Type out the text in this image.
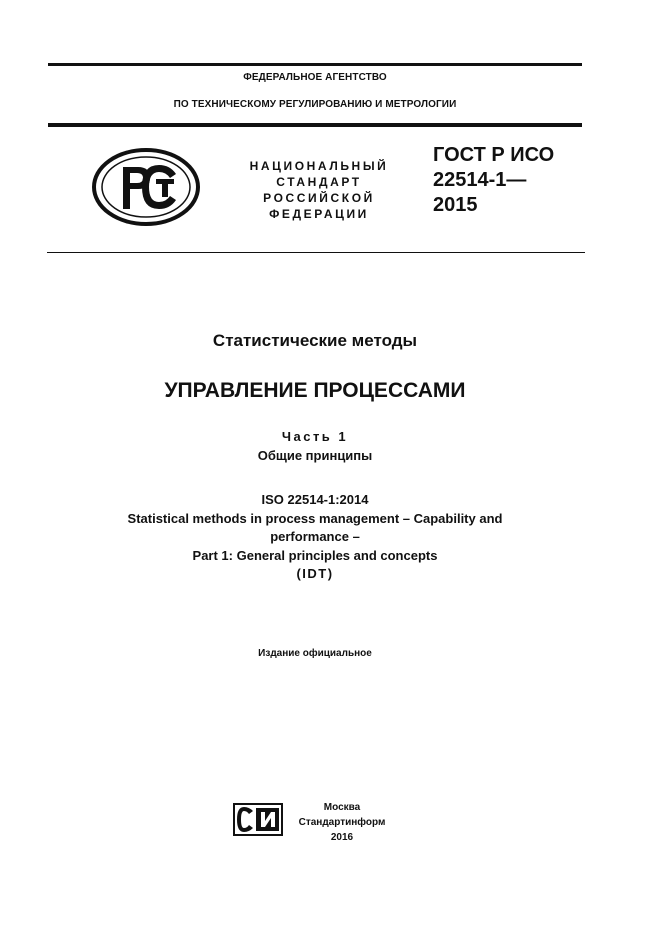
ФЕДЕРАЛЬНОЕ АГЕНТСТВО
ПО ТЕХНИЧЕСКОМУ РЕГУЛИРОВАНИЮ И МЕТРОЛОГИИ
НАЦИОНАЛЬНЫЙ
СТАНДАРТ
РОССИЙСКОЙ
ФЕДЕРАЦИИ
ГОСТ Р ИСО
22514-1—
2015
Статистические методы
УПРАВЛЕНИЕ ПРОЦЕССАМИ
Часть 1
Общие принципы
ISO 22514-1:2014
Statistical methods in process management – Capability and
performance –
Part 1: General principles and concepts
(IDT)
Издание официальное
Москва
Стандартинформ
2016
